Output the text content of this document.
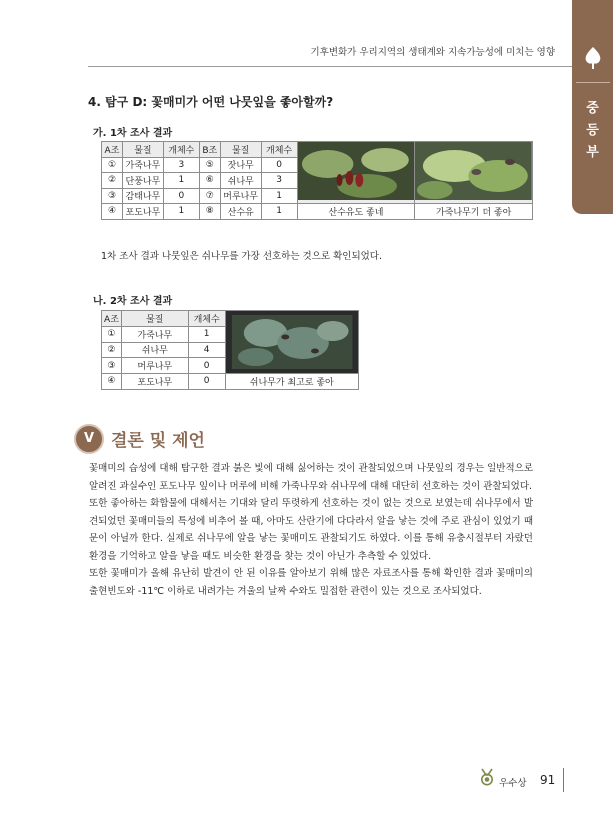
기후변화가 우리지역의 생태계와 지속가능성에 미치는 영향
중
등
부
4. 탐구 D: 꽃매미가 어떤 나뭇잎을 좋아할까?
가. 1차 조사 결과
A조	물질	개체수	B조	물질	개체수	

①	가죽나무	3	⑤	잣나무	0		
②	단풍나무	1	⑥	쉬나무	3		
③	감태나무	0	⑦	머루나무	1		
④	포도나무	1	⑧	산수유	1	산수유도 좋네	가죽나무기 더 좋아
1차 조사 결과 나뭇잎은 쉬나무를 가장 선호하는 것으로 확인되었다.
나. 2차 조사 결과
A조	물질	개체수	

①	가죽나무	1	
②	쉬나무	4	
③	머루나무	0	
④	포도나무	0	쉬나무가 최고로 좋아
V 결론 및 제언

꽃매미의 습성에 대해 탐구한 결과 붉은 빛에 대해 싫어하는 것이 관찰되었으며 나뭇잎의 경우는 일반적으로 알려진 과실수인 포도나무 잎이나 머루에 비해 가죽나무와 쉬나무에 대해 대단히 선호하는 것이 관찰되었다.

또한 좋아하는 화합물에 대해서는 기대와 달리 뚜렷하게 선호하는 것이 없는 것으로 보였는데 쉬나무에서 발견되었던 꽃매미들의 특성에 비추어 볼 때, 아마도 산란기에 다다라서 알을 낳는 것에 주로 관심이 있었기 때문이 아닐까 한다. 실제로 쉬나무에 알을 낳는 꽃매미도 관찰되기도 하였다. 이를 통해 유충시절부터 자랐던 환경을 기억하고 알을 낳을 때도 비슷한 환경을 찾는 것이 아닌가 추측할 수 있었다.

또한 꽃매미가 올해 유난히 발견이 안 된 이유를 알아보기 위해 많은 자료조사를 통해 확인한 결과 꽃매미의 출현빈도와 -11℃ 이하로 내려가는 겨울의 날짜 수와도 밀접한 관련이 있는 것으로 조사되었다.

우수상 91
